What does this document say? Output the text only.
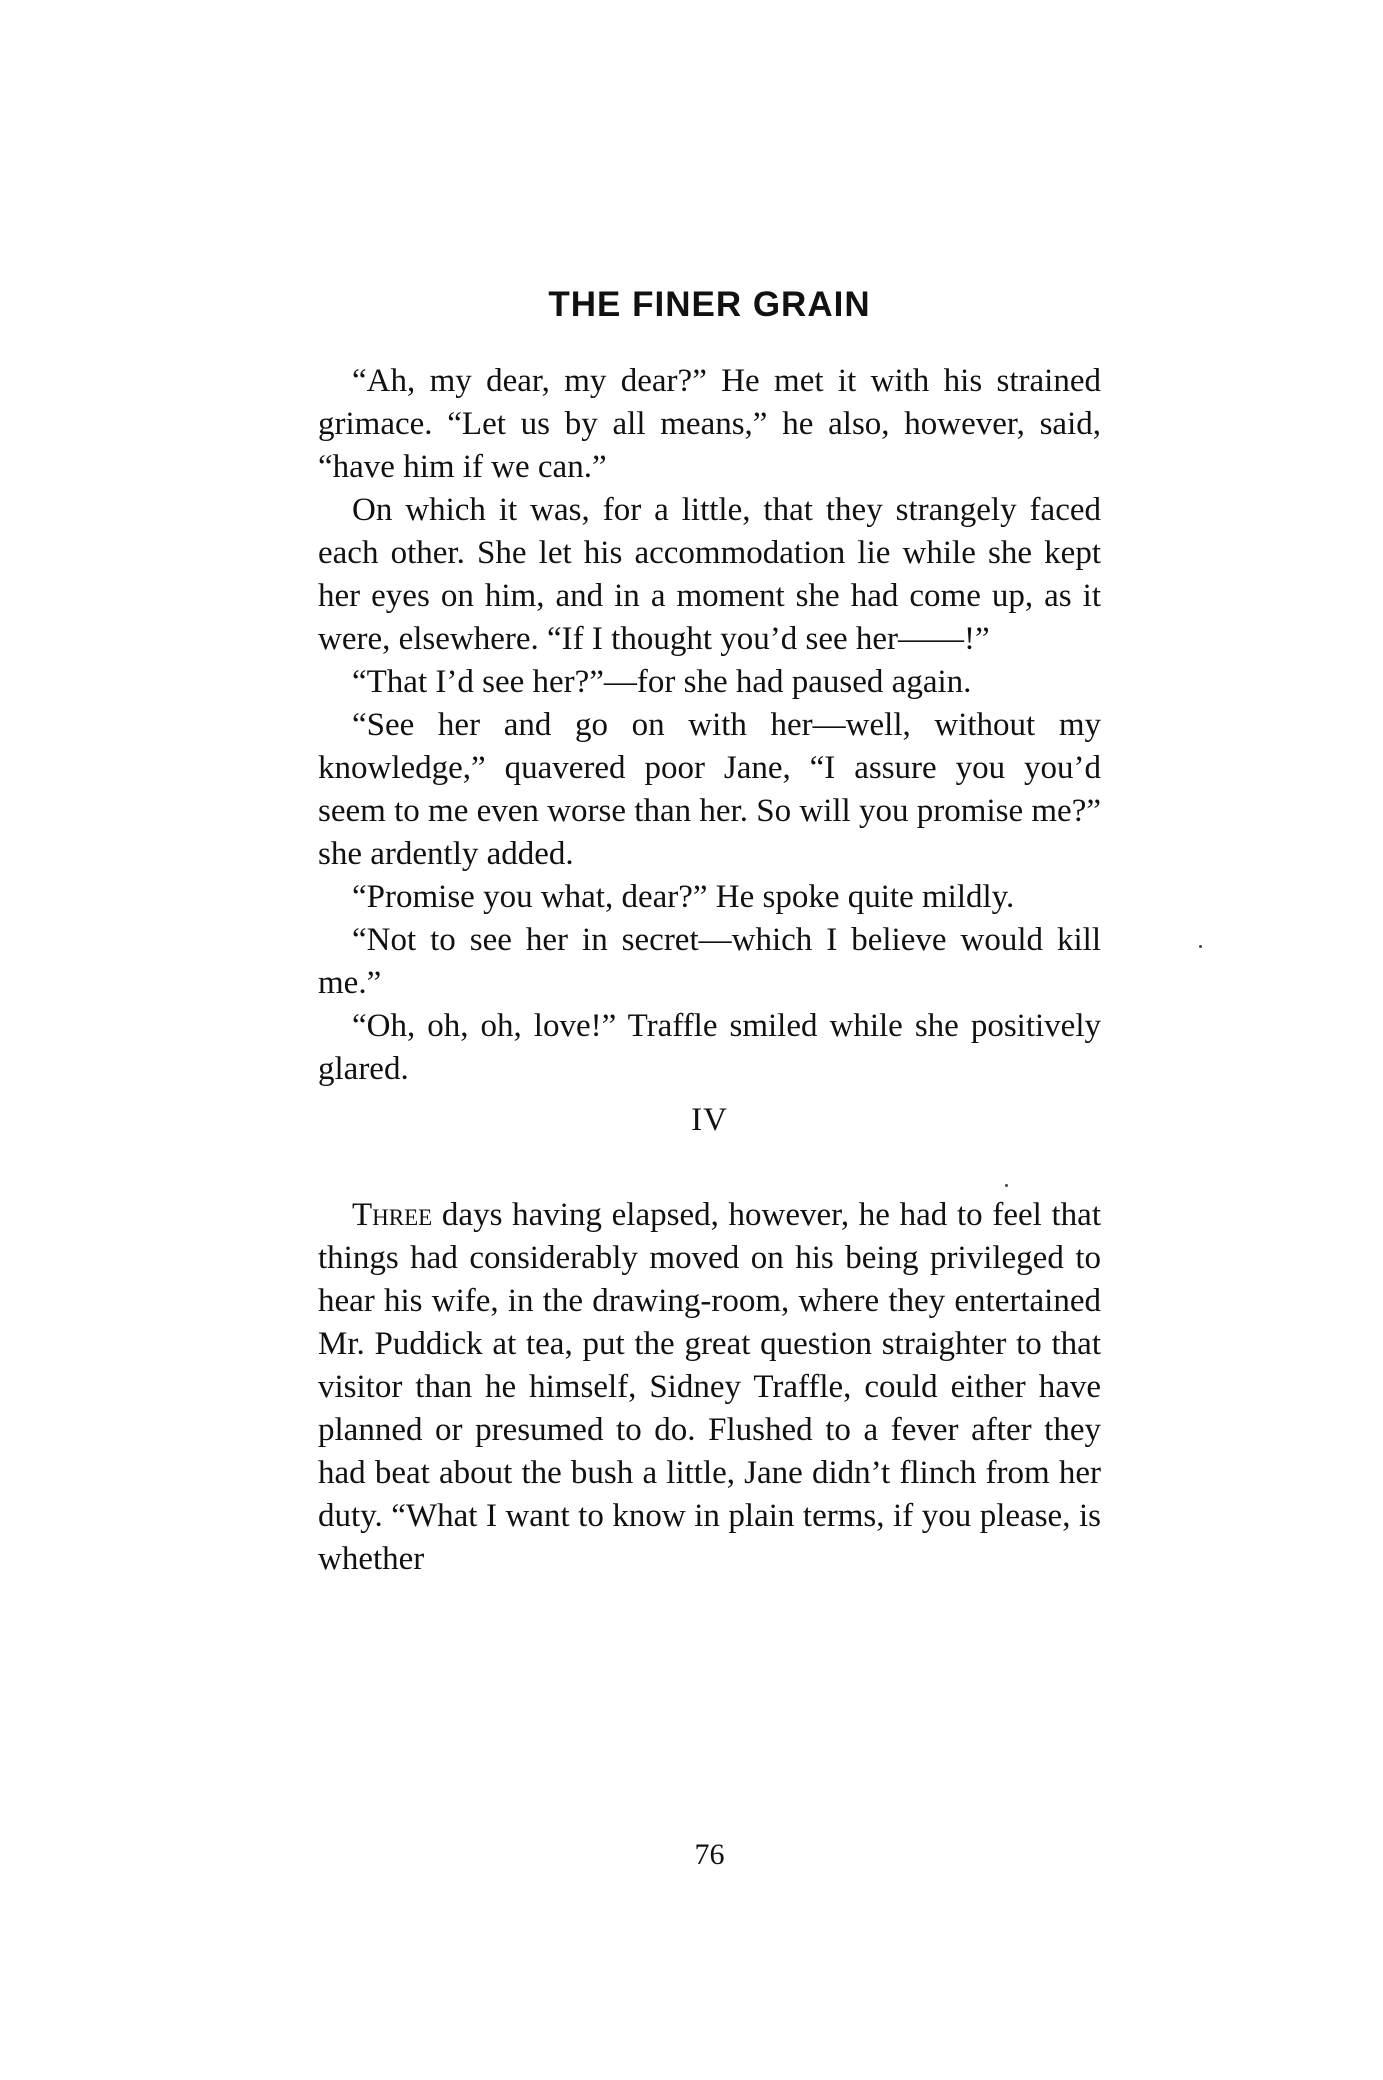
THE FINER GRAIN

“Ah, my dear, my dear?” He met it with his strained grimace. “Let us by all means,” he also, however, said, “have him if we can.”

On which it was, for a little, that they strangely faced each other. She let his accommodation lie while she kept her eyes on him, and in a moment she had come up, as it were, elsewhere. “If I thought you’d see her——!”

“That I’d see her?”—for she had paused again.

“See her and go on with her—well, without my knowledge,” quavered poor Jane, “I assure you you’d seem to me even worse than her. So will you promise me?” she ardently added.

“Promise you what, dear?” He spoke quite mildly.

“Not to see her in secret—which I believe would kill me.”

“Oh, oh, oh, love!” Traffle smiled while she positively glared.

IV

Three days having elapsed, however, he had to feel that things had considerably moved on his being privileged to hear his wife, in the drawing-room, where they entertained Mr. Puddick at tea, put the great question straighter to that visitor than he himself, Sidney Traffle, could either have planned or presumed to do. Flushed to a fever after they had beat about the bush a little, Jane didn’t flinch from her duty. “What I want to know in plain terms, if you please, is whether

76
